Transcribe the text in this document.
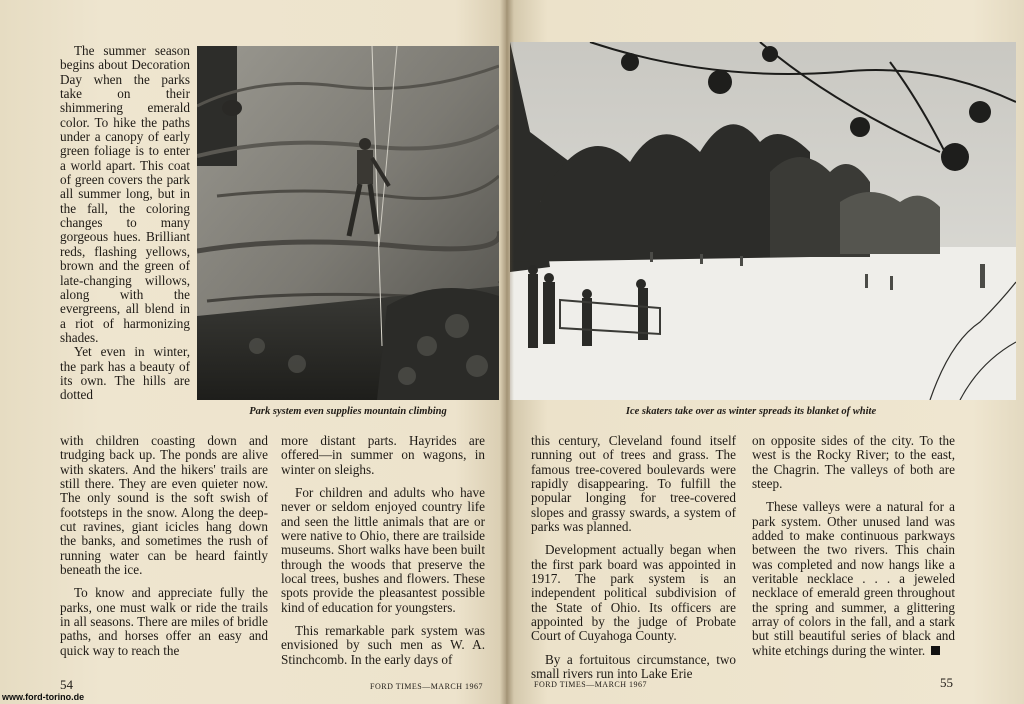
The summer season begins about Decoration Day when the parks take on their shimmering emerald color. To hike the paths under a canopy of early green foliage is to enter a world apart. This coat of green covers the park all summer long, but in the fall, the coloring changes to many gorgeous hues. Brilliant reds, flashing yellows, brown and the green of late-changing willows, along with the evergreens, all blend in a riot of harmonizing shades.

Yet even in winter, the park has a beauty of its own. The hills are dotted

with children coasting down and trudging back up. The ponds are alive with skaters. And the hikers' trails are still there. They are even quieter now. The only sound is the soft swish of footsteps in the snow. Along the deep-cut ravines, giant icicles hang down the banks, and sometimes the rush of running water can be heard faintly beneath the ice.

To know and appreciate fully the parks, one must walk or ride the trails in all seasons. There are miles of bridle paths, and horses offer an easy and quick way to reach the

more distant parts. Hayrides are offered—in summer on wagons, in winter on sleighs.

For children and adults who have never or seldom enjoyed country life and seen the little animals that are or were native to Ohio, there are trailside museums. Short walks have been built through the woods that preserve the local trees, bushes and flowers. These spots provide the pleasantest possible kind of education for youngsters.

This remarkable park system was envisioned by such men as W. A. Stinchcomb. In the early days of

Park system even supplies mountain climbing
54	FORD TIMES—MARCH 1967
Ice skaters take over as winter spreads its blanket of white

this century, Cleveland found itself running out of trees and grass. The famous tree-covered boulevards were rapidly disappearing. To fulfill the popular longing for tree-covered slopes and grassy swards, a system of parks was planned.

Development actually began when the first park board was appointed in 1917. The park system is an independent political subdivision of the State of Ohio. Its officers are appointed by the judge of Probate Court of Cuyahoga County.

By a fortuitous circumstance, two small rivers run into Lake Erie

on opposite sides of the city. To the west is the Rocky River; to the east, the Chagrin. The valleys of both are steep.

These valleys were a natural for a park system. Other unused land was added to make continuous parkways between the two rivers. This chain was completed and now hangs like a veritable necklace . . . a jeweled necklace of emerald green throughout the spring and summer, a glittering array of colors in the fall, and a stark but still beautiful series of black and white etchings during the winter.

FORD TIMES—MARCH 1967	55
www.ford-torino.de
